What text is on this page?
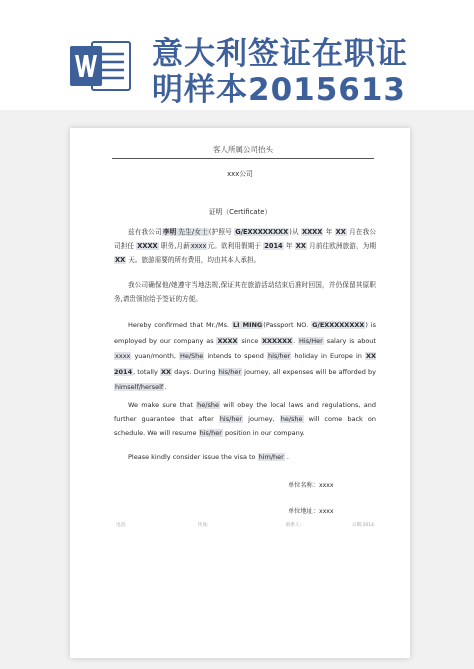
意大利签证在职证
明样本2015613
客人所属公司抬头
xxx公司
证明（Certificate）
兹有我公司李明 先生/女士(护照号 G/EXXXXXXXX)从 XXXX 年 XX 月在我公司担任 XXXX 职务,月薪xxxx元。欲利用假期于 2014 年 XX 月前往欧洲旅游，为期 XX 天。旅游需要的所有费用，均由其本人承担。
我公司确保他/她遵守当地法规,保证其在旅游活动结束后准时回国，并仍保留其原职务,请贵领馆给予签证的方便。
Hereby confirmed that Mr./Ms. LI MING(Passport NO. G/EXXXXXXXX) is employed by our company as XXXX since XXXXXX. His/Her salary is about xxxx yuan/month, He/She intends to spend his/her holiday in Europe in XX 2014, totally XX days. During his/her journey, all expenses will be afforded by himself/herself.
We make sure that he/she will obey the local laws and regulations, and further guarantee that after his/her journey, he/she will come back on schedule. We will resume his/her position in our company.
Please kindly consider issue the visa to him/her .
单位名称：xxxx
单位地址：xxxx
电话:	传真:	联系人:	日期:2014
